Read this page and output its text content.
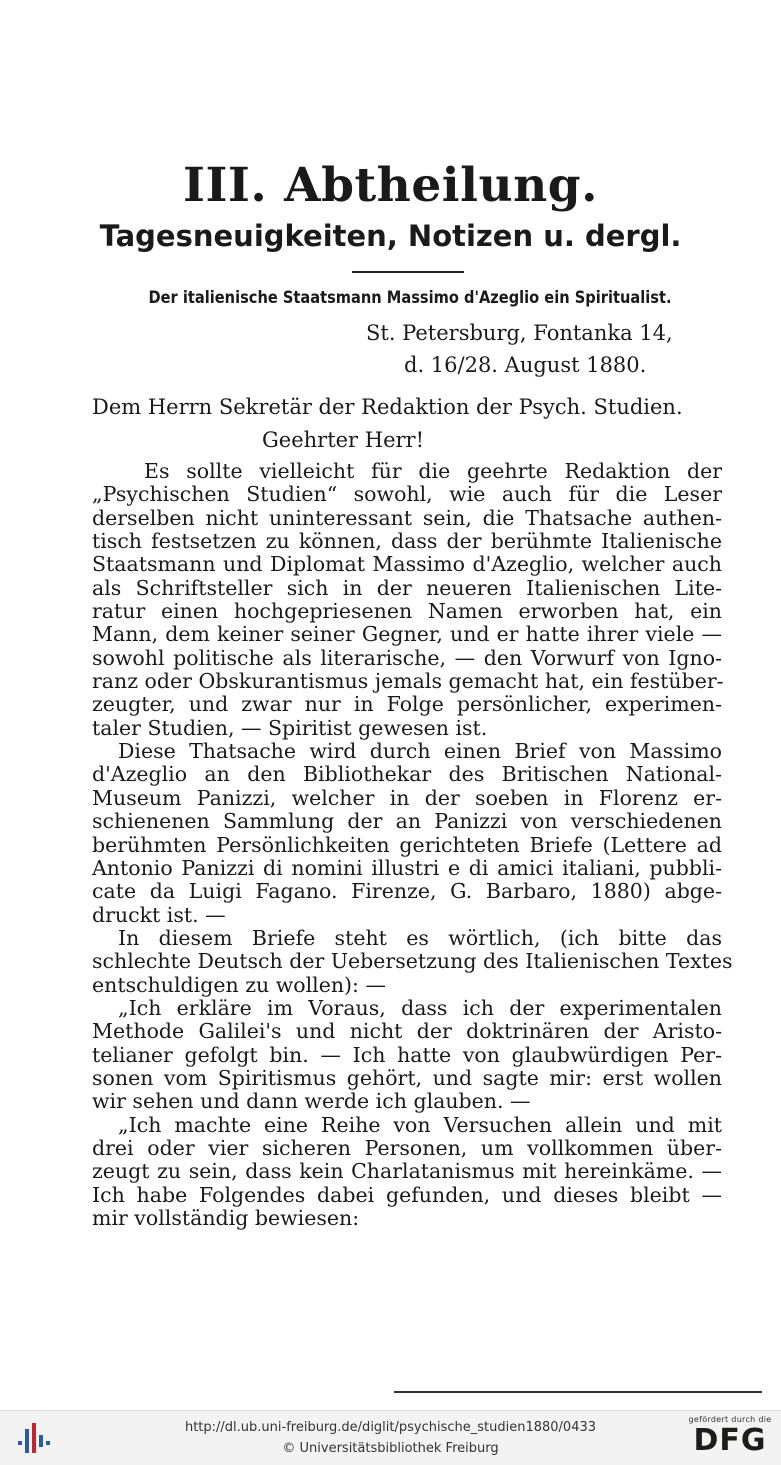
III. Abtheilung.
Tagesneuigkeiten, Notizen u. dergl.
Der italienische Staatsmann Massimo d'Azeglio ein Spiritualist.
St. Petersburg, Fontanka 14,
d. 16/28. August 1880.
Dem Herrn Sekretär der Redaktion der Psych. Studien.
Geehrter Herr!
Es sollte vielleicht für die geehrte Redaktion der
„Psychischen Studien“ sowohl, wie auch für die Leser
derselben nicht uninteressant sein, die Thatsache authen-
tisch festsetzen zu können, dass der berühmte Italienische
Staatsmann und Diplomat Massimo d'Azeglio, welcher auch
als Schriftsteller sich in der neueren Italienischen Lite-
ratur einen hochgepriesenen Namen erworben hat, ein
Mann, dem keiner seiner Gegner, und er hatte ihrer viele —
sowohl politische als literarische, — den Vorwurf von Igno-
ranz oder Obskurantismus jemals gemacht hat, ein festüber-
zeugter, und zwar nur in Folge persönlicher, experimen-
taler Studien, — Spiritist gewesen ist.
Diese Thatsache wird durch einen Brief von Massimo
d'Azeglio an den Bibliothekar des Britischen National-
Museum Panizzi, welcher in der soeben in Florenz er-
schienenen Sammlung der an Panizzi von verschiedenen
berühmten Persönlichkeiten gerichteten Briefe (Lettere ad
Antonio Panizzi di nomini illustri e di amici italiani, pubbli-
cate da Luigi Fagano. Firenze, G. Barbaro, 1880) abge-
druckt ist. —
In diesem Briefe steht es wörtlich, (ich bitte das
schlechte Deutsch der Uebersetzung des Italienischen Textes
entschuldigen zu wollen): —
„Ich erkläre im Voraus, dass ich der experimentalen
Methode Galilei's und nicht der doktrinären der Aristo-
telianer gefolgt bin. — Ich hatte von glaubwürdigen Per-
sonen vom Spiritismus gehört, und sagte mir: erst wollen
wir sehen und dann werde ich glauben. —
„Ich machte eine Reihe von Versuchen allein und mit
drei oder vier sicheren Personen, um vollkommen über-
zeugt zu sein, dass kein Charlatanismus mit hereinkäme. —
Ich habe Folgendes dabei gefunden, und dieses bleibt —
mir vollständig bewiesen:
http://dl.ub.uni-freiburg.de/diglit/psychische_studien1880/0433
© Universitätsbibliothek Freiburg
gefördert durch die
DFG
